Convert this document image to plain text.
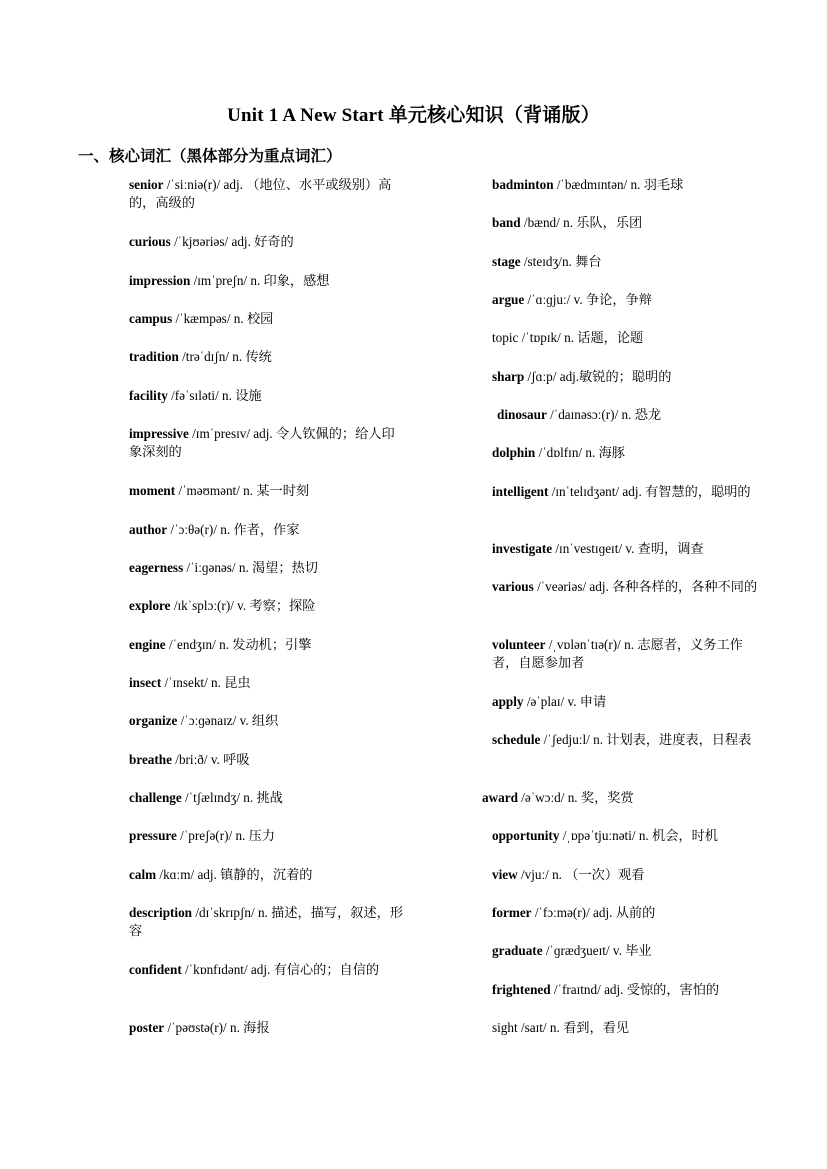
Unit 1 A New Start 单元核心知识（背诵版）
一、核心词汇（黑体部分为重点词汇）
senior /ˈsiːniə(r)/ adj. （地位、水平或级别）高的，高级的
curious /ˈkjʊəriəs/ adj. 好奇的
impression /ɪmˈpreʃn/ n. 印象，感想
campus /ˈkæmpəs/ n. 校园
tradition /trəˈdɪʃn/ n. 传统
facility /fəˈsɪləti/ n. 设施
impressive /ɪmˈpresɪv/ adj. 令人钦佩的；给人印象深刻的
moment /ˈməʊmənt/ n. 某一时刻
author /ˈɔːθə(r)/ n. 作者，作家
eagerness /ˈiːɡənəs/ n. 渴望；热切
explore /ɪkˈsplɔː(r)/ v. 考察；探险
engine /ˈendʒɪn/ n. 发动机；引擎
insect /ˈɪnsekt/ n. 昆虫
organize /ˈɔːɡənaɪz/ v. 组织
breathe /briːð/ v. 呼吸
challenge /ˈtʃælɪndʒ/ n. 挑战
pressure /ˈpreʃə(r)/ n. 压力
calm /kɑːm/ adj. 镇静的，沉着的
description /dɪˈskrɪpʃn/ n. 描述，描写，叙述，形容
confident /ˈkɒnfɪdənt/ adj. 有信心的；自信的
poster /ˈpəʊstə(r)/ n. 海报
badminton /ˈbædmɪntən/ n. 羽毛球
band /bænd/ n. 乐队，乐团
stage /steɪdʒ/n. 舞台
argue /ˈɑːɡjuː/ v. 争论，争辩
topic /ˈtɒpɪk/ n. 话题，论题
sharp /ʃɑːp/ adj.敏锐的；聪明的
dinosaur /ˈdaɪnəsɔː(r)/ n. 恐龙
dolphin /ˈdɒlfɪn/ n. 海豚
intelligent /ɪnˈtelɪdʒənt/ adj. 有智慧的，聪明的
investigate /ɪnˈvestɪɡeɪt/ v. 查明，调查
various /ˈveəriəs/ adj. 各种各样的，各种不同的
volunteer /ˌvɒlənˈtɪə(r)/ n. 志愿者，义务工作者，自愿参加者
apply /əˈplaɪ/ v. 申请
schedule /ˈʃedjuːl/ n. 计划表，进度表，日程表
award /əˈwɔːd/ n. 奖，奖赏
opportunity /ˌɒpəˈtjuːnəti/ n. 机会，时机
view /vjuː/ n. （一次）观看
former /ˈfɔːmə(r)/ adj. 从前的
graduate /ˈɡrædʒueɪt/ v. 毕业
frightened /ˈfraɪtnd/ adj. 受惊的，害怕的
sight /saɪt/ n. 看到，看见
